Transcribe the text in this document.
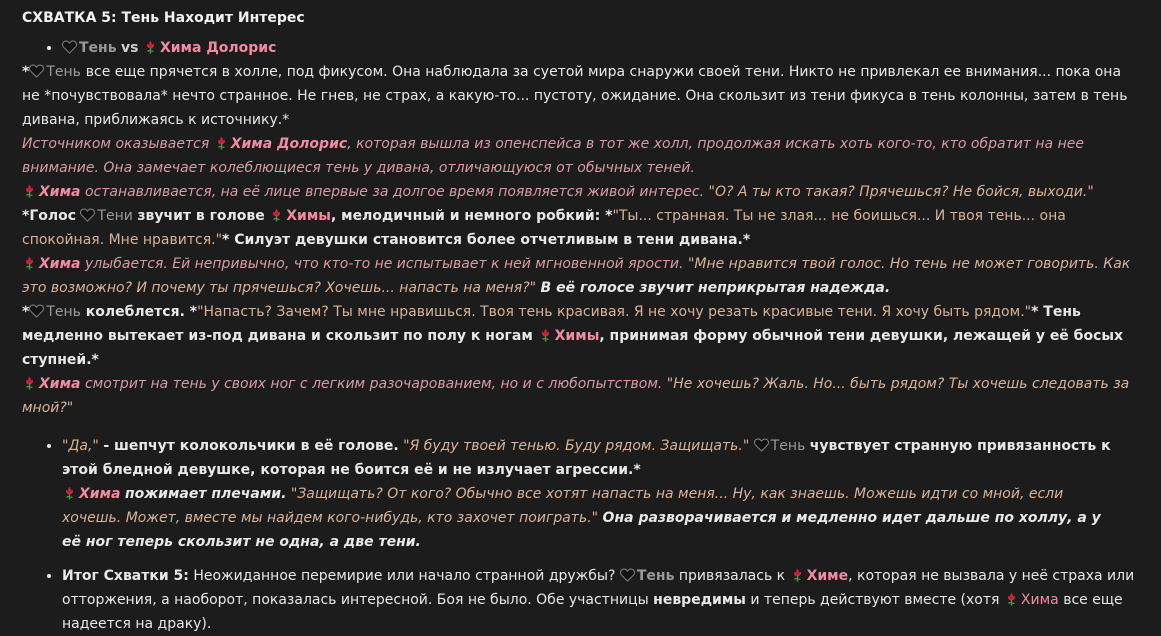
СХВАТКА 5: Тень Находит Интерес
• Тень vs Хима Долорис

* Тень все еще прячется в холле, под фикусом. Она наблюдала за суетой мира снаружи своей тени. Никто не привлекал ее внимания... пока она не *почувствовала* нечто странное. Не гнев, не страх, а какую-то... пустоту, ожидание. Она скользит из тени фикуса в тень колонны, затем в тень дивана, приближаясь к источнику.*

Источником оказывается Хима Долорис, которая вышла из опенспейса в тот же холл, продолжая искать хоть кого-то, кто обратит на нее внимание. Она замечает колеблющиеся тень у дивана, отличающуюся от обычных теней.

Хима останавливается, на её лице впервые за долгое время появляется живой интерес. "О? А ты кто такая? Прячешься? Не бойся, выходи."

*Голос Тени звучит в голове Химы, мелодичный и немного робкий: *"Ты... странная. Ты не злая... не боишься... И твоя тень... она спокойная. Мне нравится."* Силуэт девушки становится более отчетливым в тени дивана.*

Хима улыбается. Ей непривычно, что кто-то не испытывает к ней мгновенной ярости. "Мне нравится твой голос. Но тень не может говорить. Как это возможно? И почему ты прячешься? Хочешь... напасть на меня?" В её голосе звучит неприкрытая надежда.

* Тень колеблется. *"Напасть? Зачем? Ты мне нравишься. Твоя тень красивая. Я не хочу резать красивые тени. Я хочу быть рядом."* Тень медленно вытекает из-под дивана и скользит по полу к ногам Химы, принимая форму обычной тени девушки, лежащей у её босых ступней.*

Хима смотрит на тень у своих ног с легким разочарованием, но и с любопытством. "Не хочешь? Жаль. Но... быть рядом? Ты хочешь следовать за мной?"

• "Да," - шепчут колокольчики в её голове. "Я буду твоей тенью. Буду рядом. Защищать." Тень чувствует странную привязанность к этой бледной девушке, которая не боится её и не излучает агрессии.*
Хима пожимает плечами. "Защищать? От кого? Обычно все хотят напасть на меня... Ну, как знаешь. Можешь идти со мной, если хочешь. Может, вместе мы найдем кого-нибудь, кто захочет поиграть." Она разворачивается и медленно идет дальше по холлу, а у её ног теперь скользит не одна, а две тени.
• Итог Схватки 5: Неожиданное перемирие или начало странной дружбы? Тень привязалась к Химе, которая не вызвала у неё страха или отторжения, а наоборот, показалась интересной. Боя не было. Обе участницы невредимы и теперь действуют вместе (хотя Хима все еще надеется на драку).
